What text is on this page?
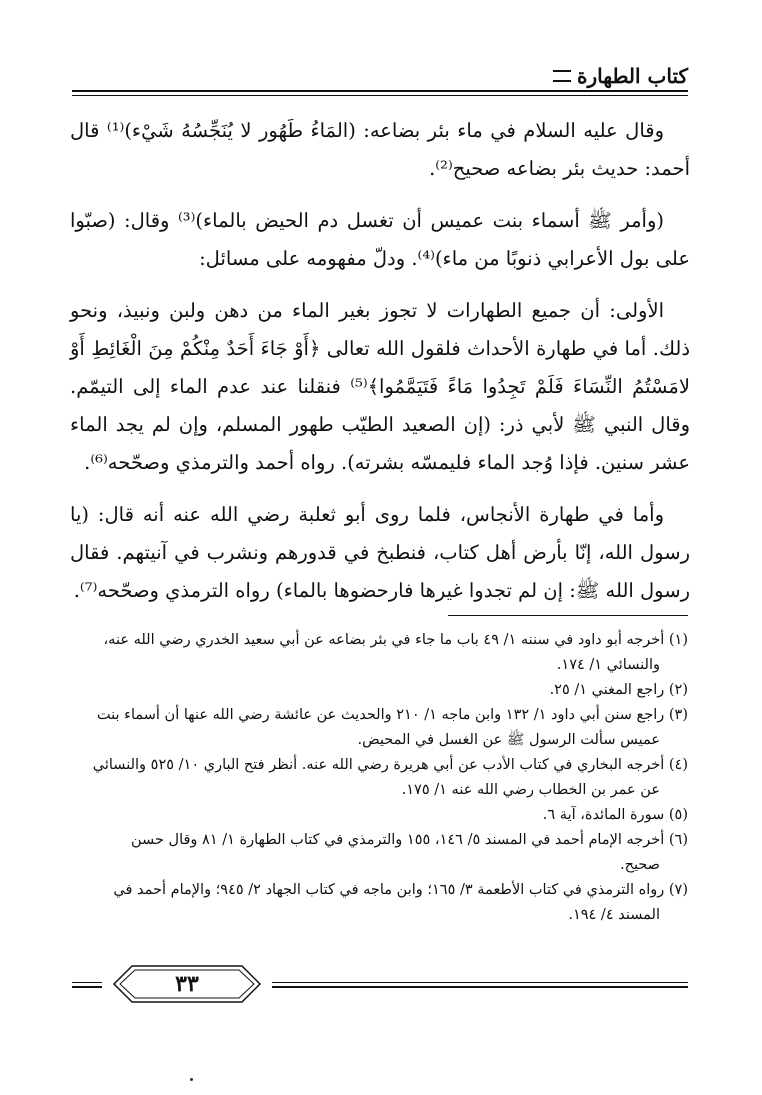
كتاب الطهارة

وقال عليه السلام في ماء بئر بضاعه: (المَاءُ طَهُور لا يُنَجِّسُهُ شَيْء)⁽¹⁾ قال أحمد: حديث بئر بضاعه صحيح⁽²⁾.

(وأمر ﷺ أسماء بنت عميس أن تغسل دم الحيض بالماء)⁽³⁾ وقال: (صبّوا على بول الأعرابي ذنوبًا من ماء)⁽⁴⁾. ودلّ مفهومه على مسائل:

الأولى: أن جميع الطهارات لا تجوز بغير الماء من دهن ولبن ونبيذ، ونحو ذلك. أما في طهارة الأحداث فلقول الله تعالى ﴿أَوْ جَاءَ أَحَدٌ مِنْكُمْ مِنَ الْغَائِطِ أَوْ لامَسْتُمُ النِّسَاءَ فَلَمْ تَجِدُوا مَاءً فَتَيَمَّمُوا﴾⁽⁵⁾ فنقلنا عند عدم الماء إلى التيمّم. وقال النبي ﷺ لأبي ذر: (إن الصعيد الطيّب طهور المسلم، وإن لم يجد الماء عشر سنين. فإذا وُجد الماء فليمسّه بشرته). رواه أحمد والترمذي وصحّحه⁽⁶⁾.

وأما في طهارة الأنجاس، فلما روى أبو ثعلبة رضي الله عنه أنه قال: (يا رسول الله، إنّا بأرض أهل كتاب، فنطبخ في قدورهم ونشرب في آنيتهم. فقال رسول الله ﷺ: إن لم تجدوا غيرها فارحضوها بالماء) رواه الترمذي وصحّحه⁽⁷⁾.

(١) أخرجه أبو داود في سننه ١/ ٤٩ باب ما جاء في بئر بضاعه عن أبي سعيد الخدري رضي الله عنه،

والنسائي ١/ ١٧٤.

(٢) راجع المغني ١/ ٢٥.

(٣) راجع سنن أبي داود ١/ ١٣٢ وابن ماجه ١/ ٢١٠ والحديث عن عائشة رضي الله عنها أن أسماء بنت

عميس سألت الرسول ﷺ عن الغسل في المحيض.

(٤) أخرجه البخاري في كتاب الأدب عن أبي هريرة رضي الله عنه. أنظر فتح الباري ١٠/ ٥٢٥ والنسائي

عن عمر بن الخطاب رضي الله عنه ١/ ١٧٥.

(٥) سورة المائدة، آية ٦.

(٦) أخرجه الإمام أحمد في المسند ٥/ ١٤٦، ١٥٥ والترمذي في كتاب الطهارة ١/ ٨١ وقال حسن

صحيح.

(٧) رواه الترمذي في كتاب الأطعمة ٣/ ١٦٥؛ وابن ماجه في كتاب الجهاد ٢/ ٩٤٥؛ والإمام أحمد في

المسند ٤/ ١٩٤.

٣٣
